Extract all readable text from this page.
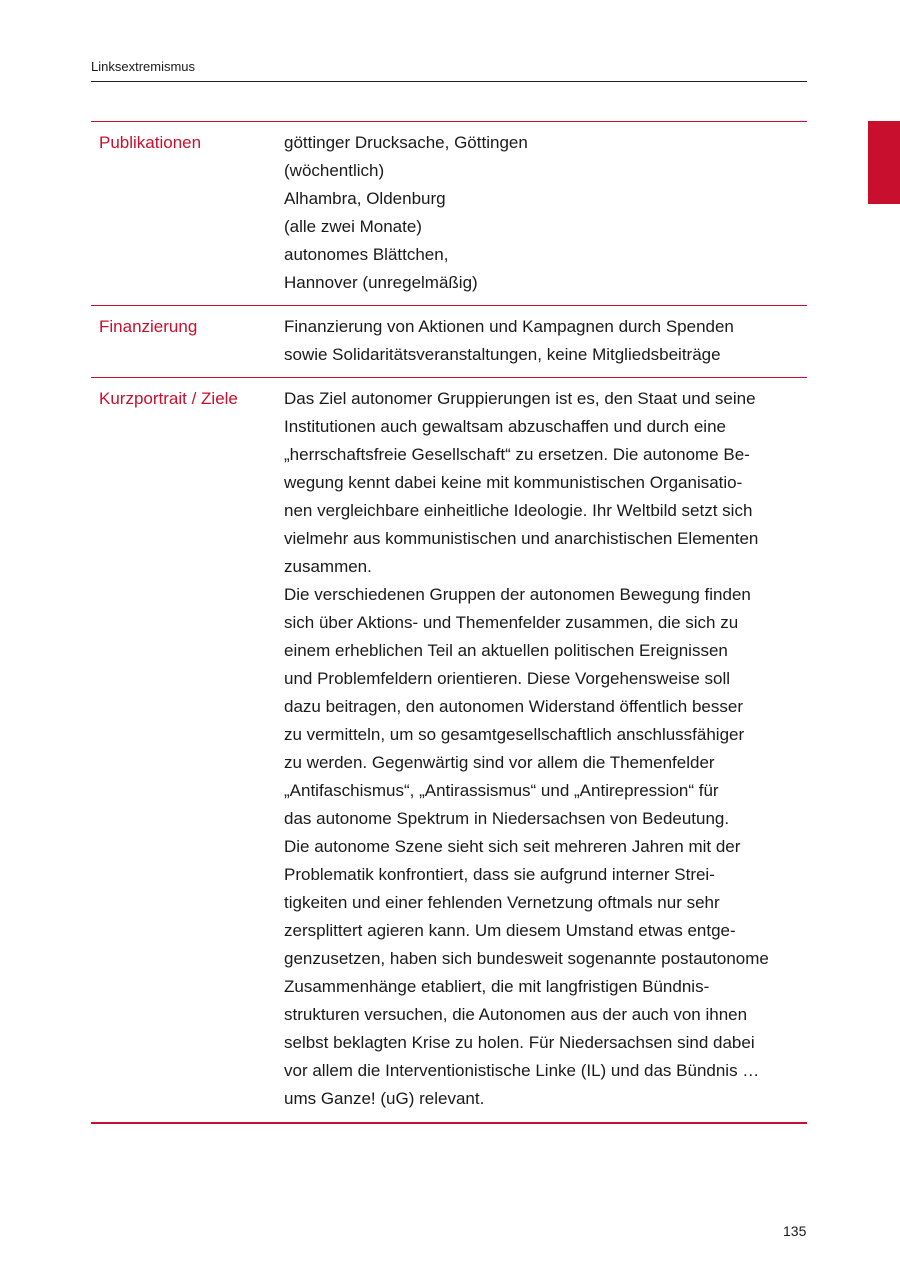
Linksextremismus
Publikationen	göttinger Drucksache, Göttingen
(wöchentlich)
Alhambra, Oldenburg
(alle zwei Monate)
autonomes Blättchen,
Hannover (unregelmäßig)
Finanzierung	Finanzierung von Aktionen und Kampagnen durch Spenden
sowie Solidaritätsveranstaltungen, keine Mitgliedsbeiträge
Kurzportrait / Ziele	Das Ziel autonomer Gruppierungen ist es, den Staat und seine
Institutionen auch gewaltsam abzuschaffen und durch eine
„herrschaftsfreie Gesellschaft“ zu ersetzen. Die autonome Be-
wegung kennt dabei keine mit kommunistischen Organisatio-
nen vergleichbare einheitliche Ideologie. Ihr Weltbild setzt sich
vielmehr aus kommunistischen und anarchistischen Elementen
zusammen.
Die verschiedenen Gruppen der autonomen Bewegung finden
sich über Aktions- und Themenfelder zusammen, die sich zu
einem erheblichen Teil an aktuellen politischen Ereignissen
und Problemfeldern orientieren. Diese Vorgehensweise soll
dazu beitragen, den autonomen Widerstand öffentlich besser
zu vermitteln, um so gesamtgesellschaftlich anschlussfähiger
zu werden. Gegenwärtig sind vor allem die Themenfelder
„Antifaschismus“, „Antirassismus“ und „Antirepression“ für
das autonome Spektrum in Niedersachsen von Bedeutung.
Die autonome Szene sieht sich seit mehreren Jahren mit der
Problematik konfrontiert, dass sie aufgrund interner Strei-
tigkeiten und einer fehlenden Vernetzung oftmals nur sehr
zersplittert agieren kann. Um diesem Umstand etwas entge-
genzusetzen, haben sich bundesweit sogenannte postautonome
Zusammenhänge etabliert, die mit langfristigen Bündnis-
strukturen versuchen, die Autonomen aus der auch von ihnen
selbst beklagten Krise zu holen. Für Niedersachsen sind dabei
vor allem die Interventionistische Linke (IL) und das Bündnis …
ums Ganze! (uG) relevant.
135
